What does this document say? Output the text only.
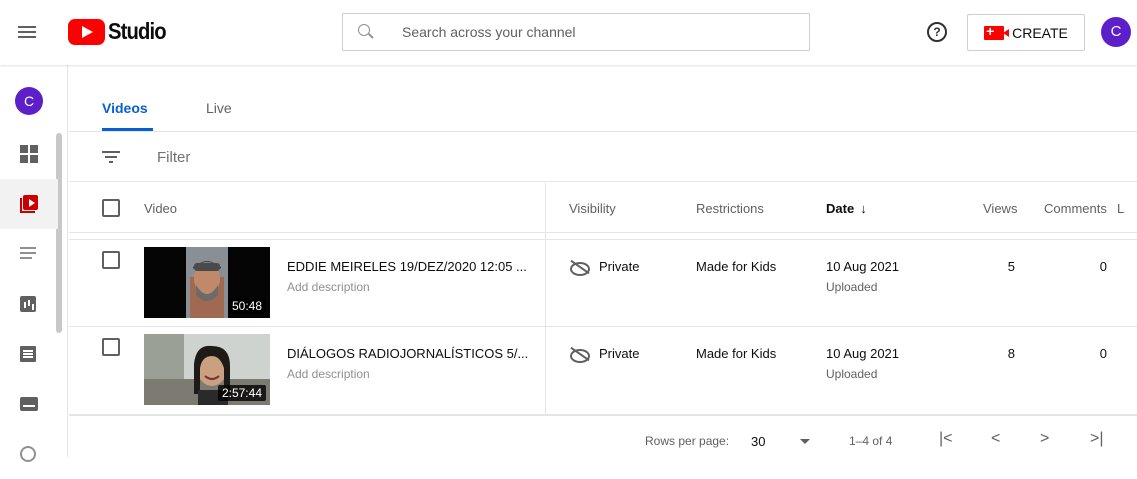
Studio
Search across your channel	? +	CREATE	C
C	Videos	Live
Filter
Video	Visibility	Restrictions	Date ↓	Views Comments L
50:48
EDDIE MEIRELES 19/DEZ/2020 12:05 ...
Add description
Private	Made for Kids	10 Aug 2021
Uploaded
5	0
2:57:44
DIÁLOGOS RADIOJORNALÍSTICOS 5/...
Add description
Private	Made for Kids	10 Aug 2021
Uploaded
8	0
Rows per page: 30	1–4 of 4	|< < >	>|
